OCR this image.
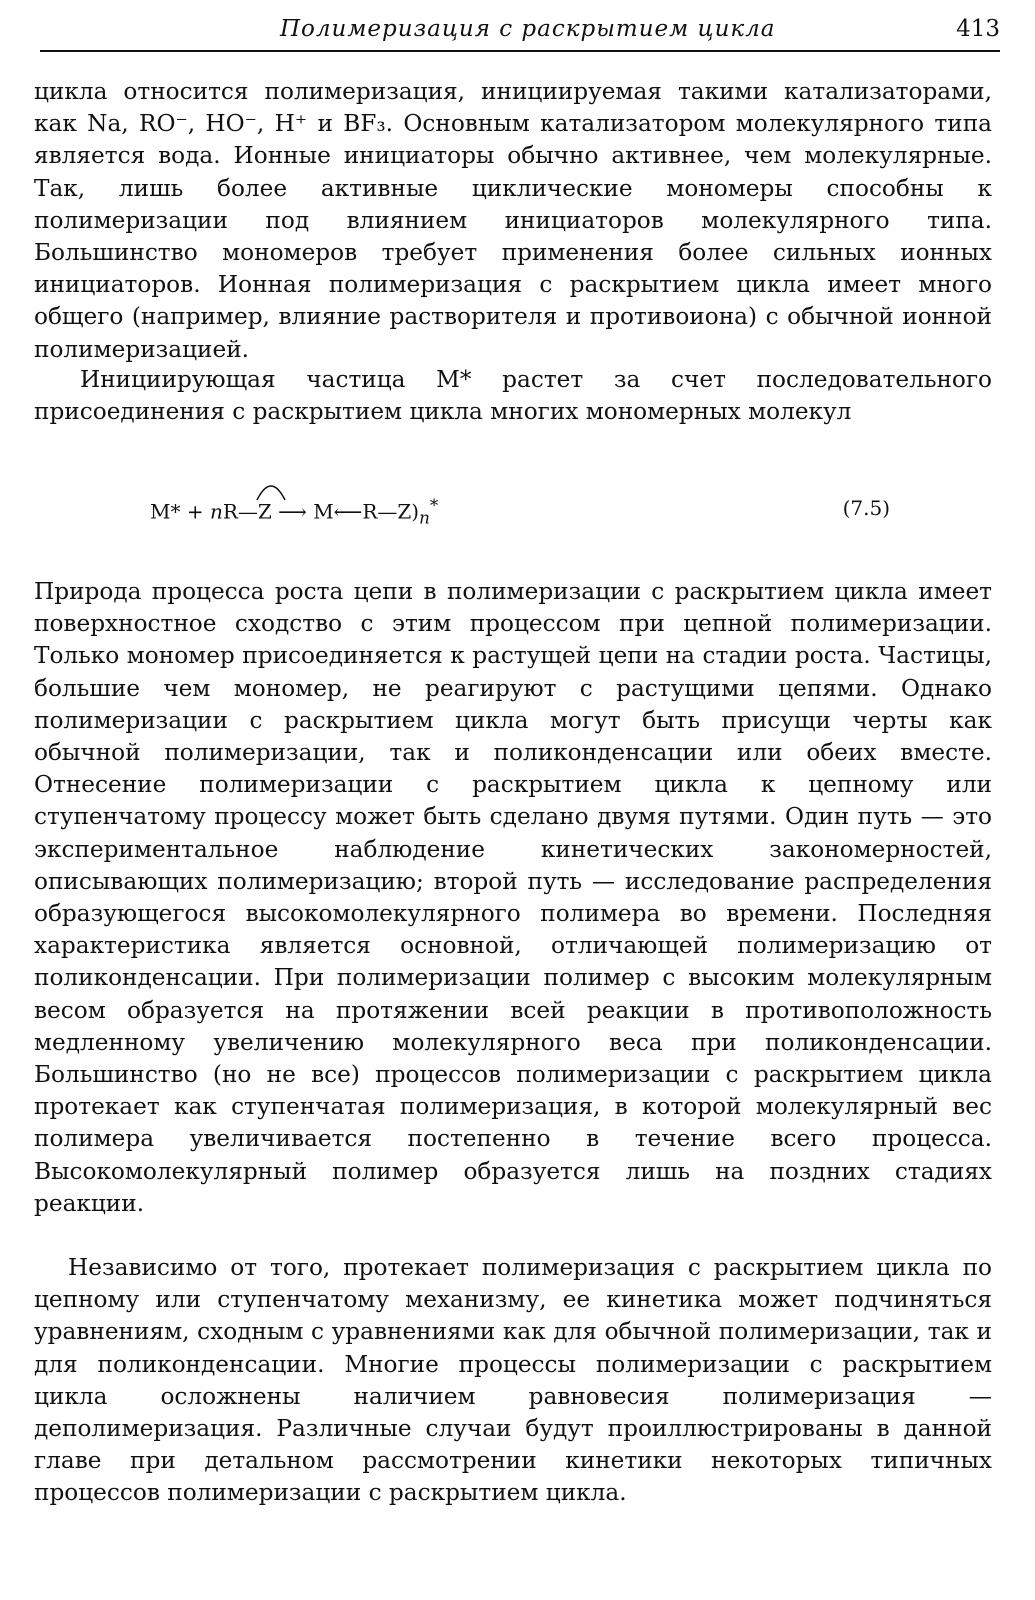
Полимеризация с раскрытием цикла	413

цикла относится полимеризация, инициируемая такими катализаторами, как Na, RO⁻, HO⁻, H⁺ и BF₃. Основным катализатором молекулярного типа является вода. Ионные инициаторы обычно активнее, чем молекулярные. Так, лишь более активные циклические мономеры способны к полимеризации под влиянием инициаторов молекулярного типа. Большинство мономеров требует применения более сильных ионных инициаторов. Ионная полимеризация с раскрытием цикла имеет много общего (например, влияние растворителя и противоиона) с обычной ионной полимеризацией.

Инициирующая частица M* растет за счет последовательного присоединения с раскрытием цикла многих мономерных молекул

M* + nR—Z ⟶ $M⟵R—Z)_n^*$	(7.5)

Природа процесса роста цепи в полимеризации с раскрытием цикла имеет поверхностное сходство с этим процессом при цепной полимеризации. Только мономер присоединяется к растущей цепи на стадии роста. Частицы, большие чем мономер, не реагируют с растущими цепями. Однако полимеризации с раскрытием цикла могут быть присущи черты как обычной полимеризации, так и поликонденсации или обеих вместе. Отнесение полимеризации с раскрытием цикла к цепному или ступенчатому процессу может быть сделано двумя путями. Один путь — это экспериментальное наблюдение кинетических закономерностей, описывающих полимеризацию; второй путь — исследование распределения образующегося высокомолекулярного полимера во времени. Последняя характеристика является основной, отличающей полимеризацию от поликонденсации. При полимеризации полимер с высоким молекулярным весом образуется на протяжении всей реакции в противоположность медленному увеличению молекулярного веса при поликонденсации. Большинство (но не все) процессов полимеризации с раскрытием цикла протекает как ступенчатая полимеризация, в которой молекулярный вес полимера увеличивается постепенно в течение всего процесса. Высокомолекулярный полимер образуется лишь на поздних стадиях реакции.

Независимо от того, протекает полимеризация с раскрытием цикла по цепному или ступенчатому механизму, ее кинетика может подчиняться уравнениям, сходным с уравнениями как для обычной полимеризации, так и для поликонденсации. Многие процессы полимеризации с раскрытием цикла осложнены наличием равновесия полимеризация — деполимеризация. Различные случаи будут проиллюстрированы в данной главе при детальном рассмотрении кинетики некоторых типичных процессов полимеризации с раскрытием цикла.
